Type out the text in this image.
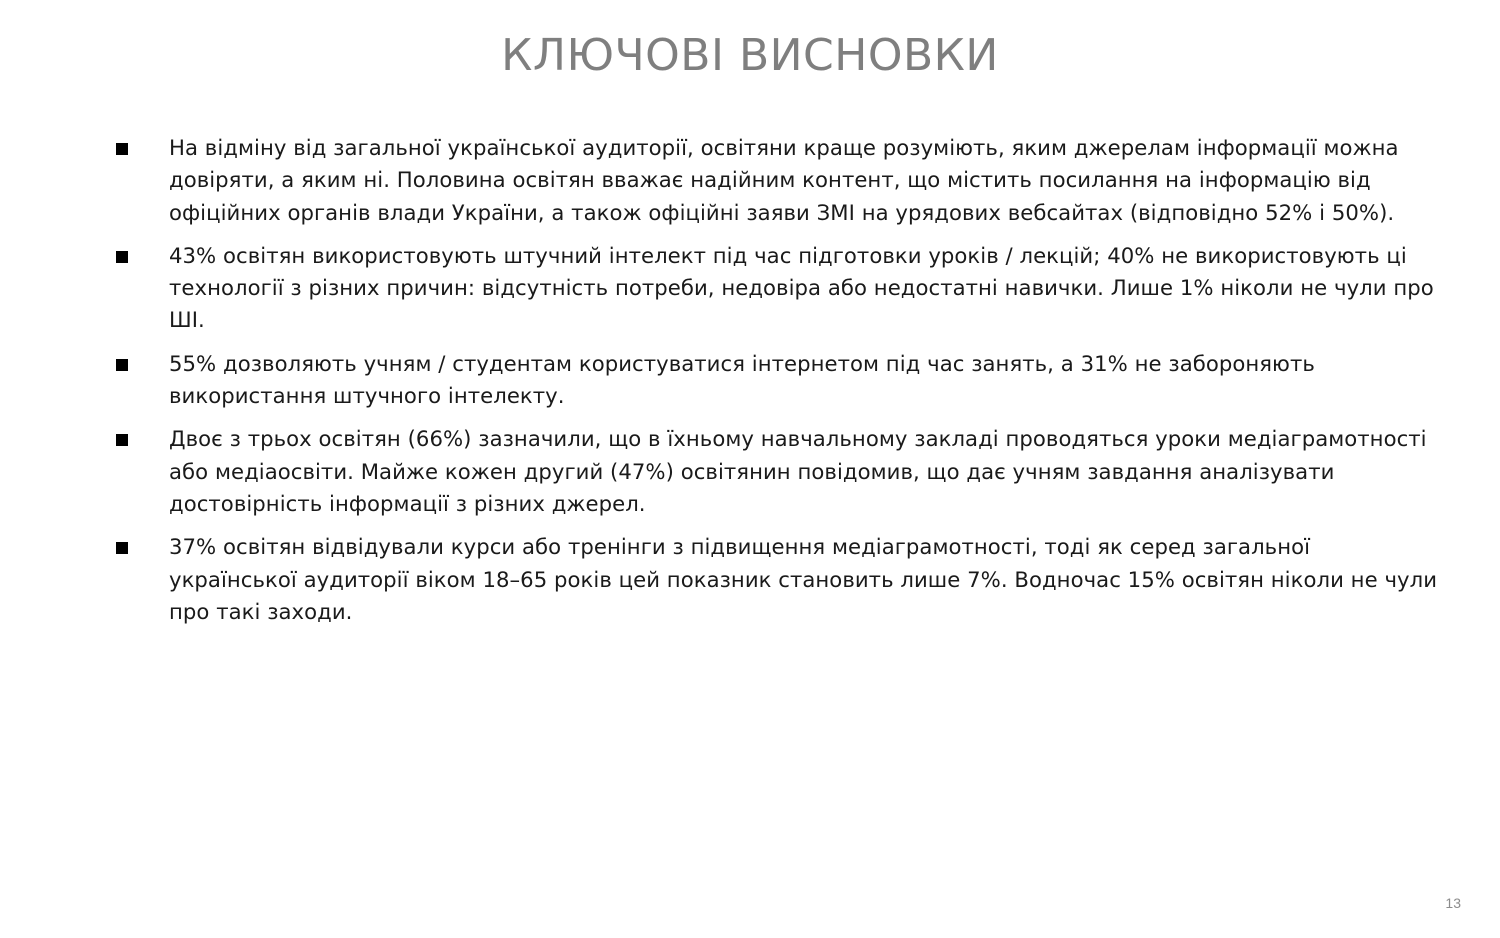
КЛЮЧОВІ ВИСНОВКИ
На відміну від загальної української аудиторії, освітяни краще розуміють, яким джерелам інформації можна довіряти, а яким ні. Половина освітян вважає надійним контент, що містить посилання на інформацію від офіційних органів влади України, а також офіційні заяви ЗМІ на урядових вебсайтах (відповідно 52% і 50%).
43% освітян використовують штучний інтелект під час підготовки уроків / лекцій; 40% не використовують ці технології з різних причин: відсутність потреби, недовіра або недостатні навички. Лише 1% ніколи не чули про ШІ.
55% дозволяють учням / студентам користуватися інтернетом під час занять, а 31% не забороняють використання штучного інтелекту.
Двоє з трьох освітян (66%) зазначили, що в їхньому навчальному закладі проводяться уроки медіаграмотності або медіаосвіти. Майже кожен другий (47%) освітянин повідомив, що дає учням завдання аналізувати достовірність інформації з різних джерел.
37% освітян відвідували курси або тренінги з підвищення медіаграмотності, тоді як серед загальної української аудиторії віком 18–65 років цей показник становить лише 7%. Водночас 15% освітян ніколи не чули про такі заходи.
13
